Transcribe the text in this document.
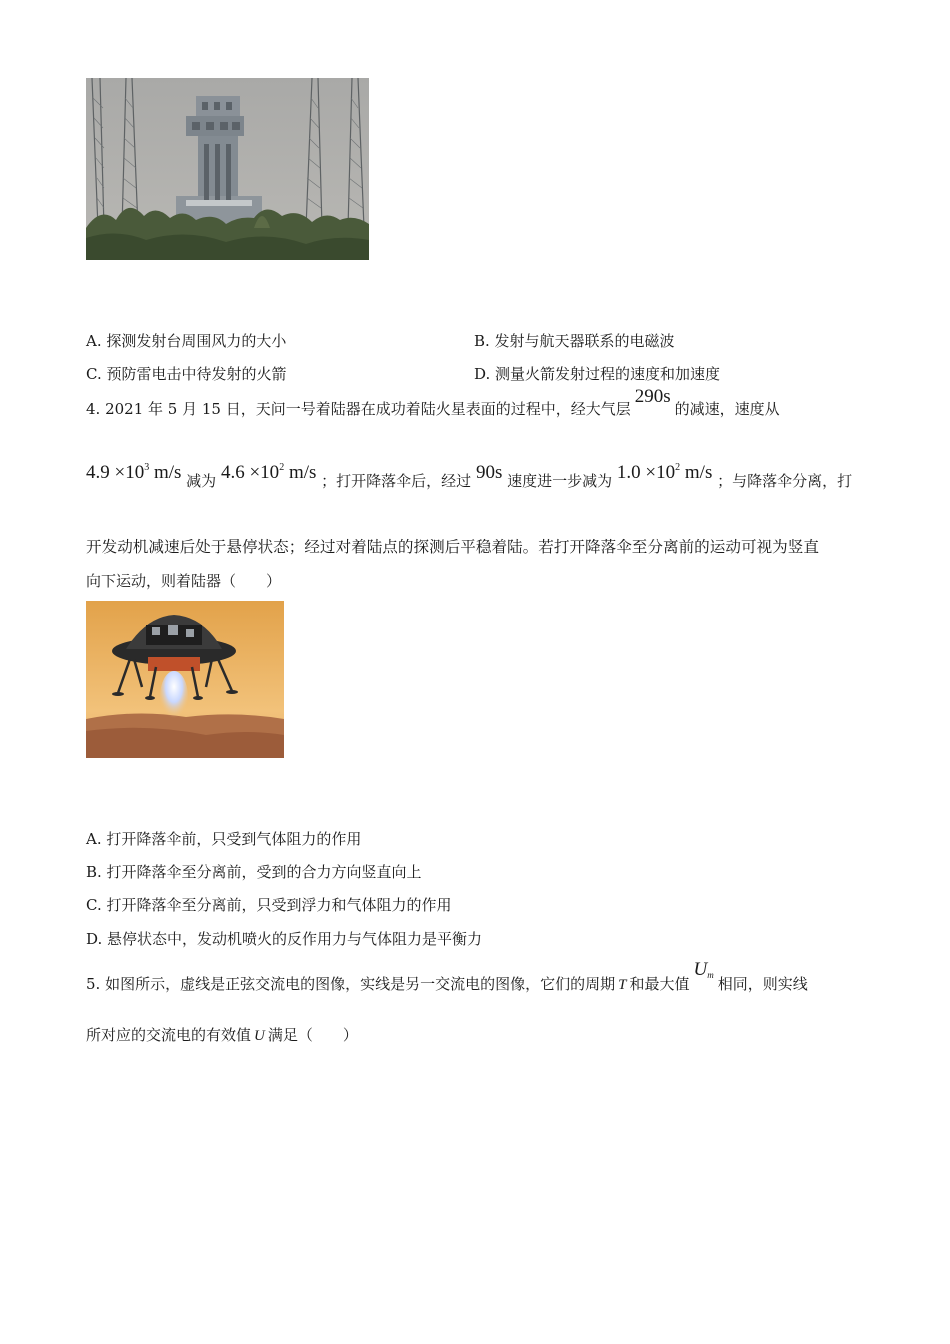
A. 探测发射台周围风力的大小	B. 发射与航天器联系的电磁波
C. 预防雷电击中待发射的火箭	D. 测量火箭发射过程的速度和加速度
4. 2021 年 5 月 15 日，天问一号着陆器在成功着陆火星表面的过程中，经大气层290s的减速，速度从
$4.9 \times 10^3$ m/s 减为 $4.6 \times 10^2$ m/s ；打开降落伞后，经过 90s 速度进一步减为 $1.0 \times 10^2$ m/s ；与降落伞分离，打
开发动机减速后处于悬停状态；经过对着陆点的探测后平稳着陆。若打开降落伞至分离前的运动可视为竖直
向下运动，则着陆器（　　）
A. 打开降落伞前，只受到气体阻力的作用
B. 打开降落伞至分离前，受到的合力方向竖直向上
C. 打开降落伞至分离前，只受到浮力和气体阻力的作用
D. 悬停状态中，发动机喷火的反作用力与气体阻力是平衡力
5. 如图所示，虚线是正弦交流电的图像，实线是另一交流电的图像，它们的周期 T 和最大值$U_m$ 相同，则实线
所对应的交流电的有效值 U 满足（　　）
